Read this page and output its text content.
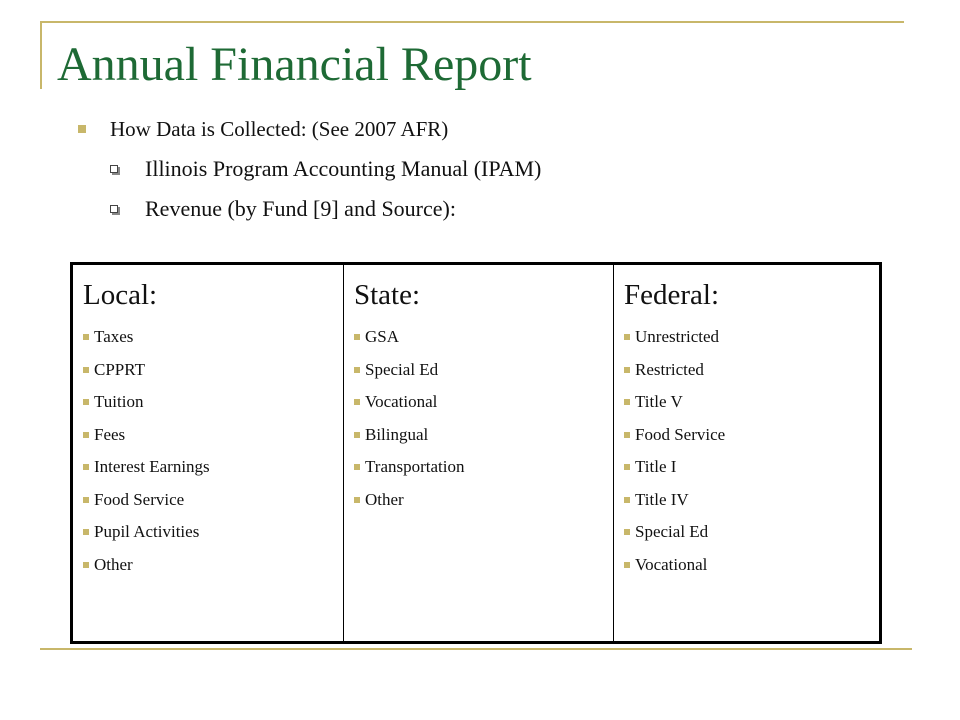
Annual Financial Report
How Data is Collected: (See 2007 AFR)
Illinois Program Accounting Manual (IPAM)
Revenue (by Fund [9] and Source):
Local:
Taxes
CPPRT
Tuition
Fees
Interest Earnings
Food Service
Pupil Activities
Other
State:
GSA
Special Ed
Vocational
Bilingual
Transportation
Other
Federal:
Unrestricted
Restricted
Title V
Food Service
Title I
Title IV
Special Ed
Vocational
